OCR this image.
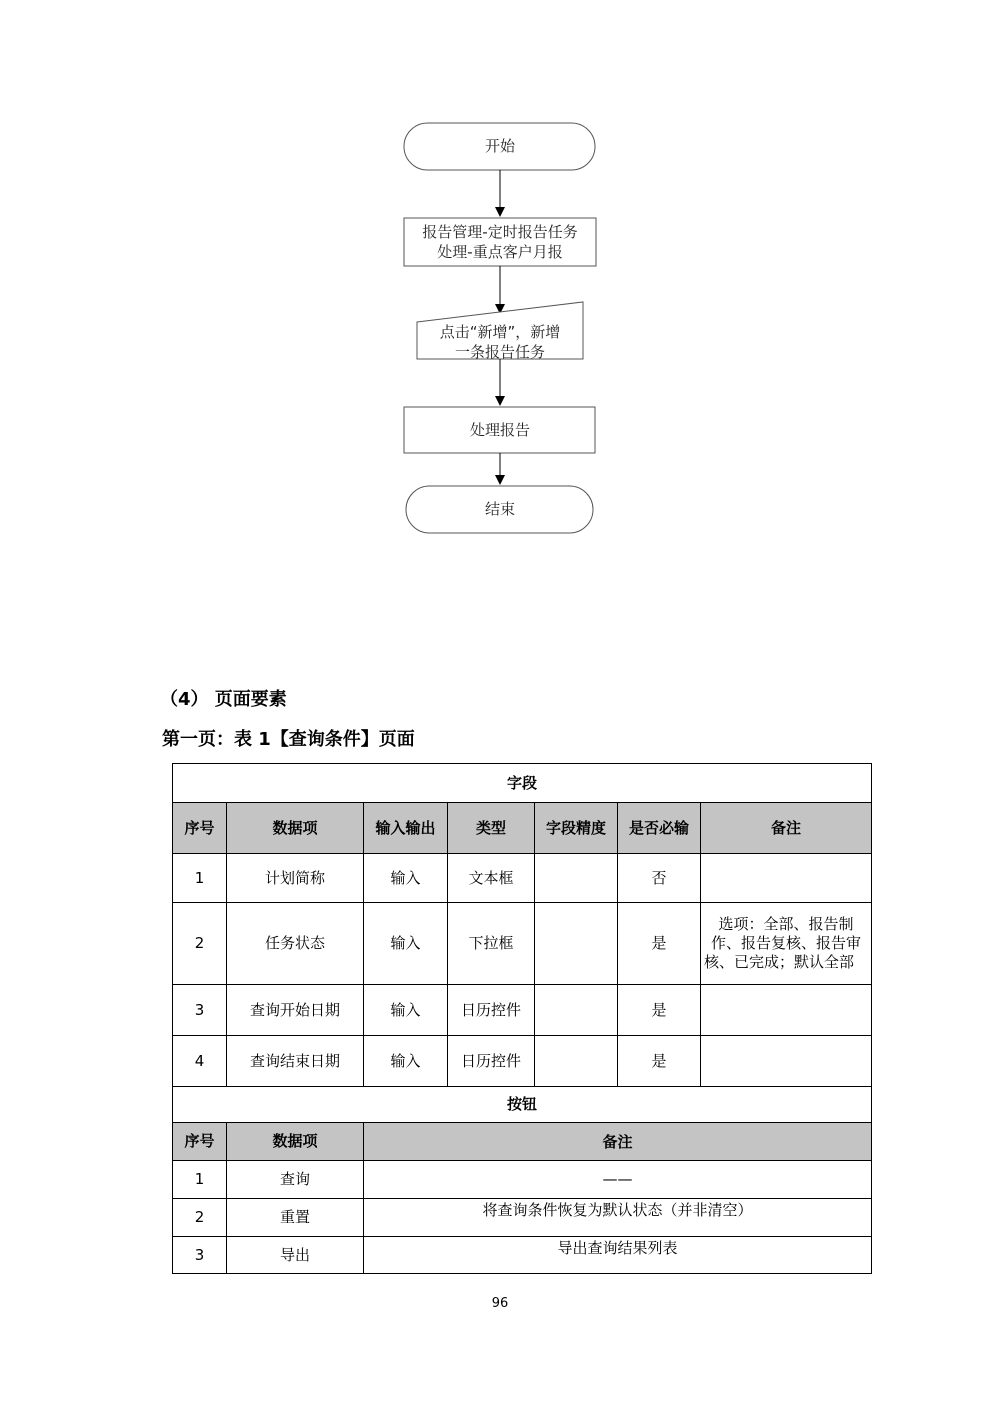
开始
报告管理-定时报告任务
处理-重点客户月报
点击“新增”，新增
一条报告任务
处理报告
结束
（4） 页面要素
第一页：表 1【查询条件】页面
字段						
序号	数据项	输入输出	类型	字段精度	是否必输	备注
1	计划简称	输入	文本框		否	
2	任务状态	输入	下拉框		是	选项：全部、报告制作、报告复核、报告审核、已完成；默认全部
3	查询开始日期	输入	日历控件		是	
4	查询结束日期	输入	日历控件		是	
按钮						
序号	数据项	备注				
1	查询	——				
2	重置	将查询条件恢复为默认状态（并非清空）				
3	导出	导出查询结果列表				
96
